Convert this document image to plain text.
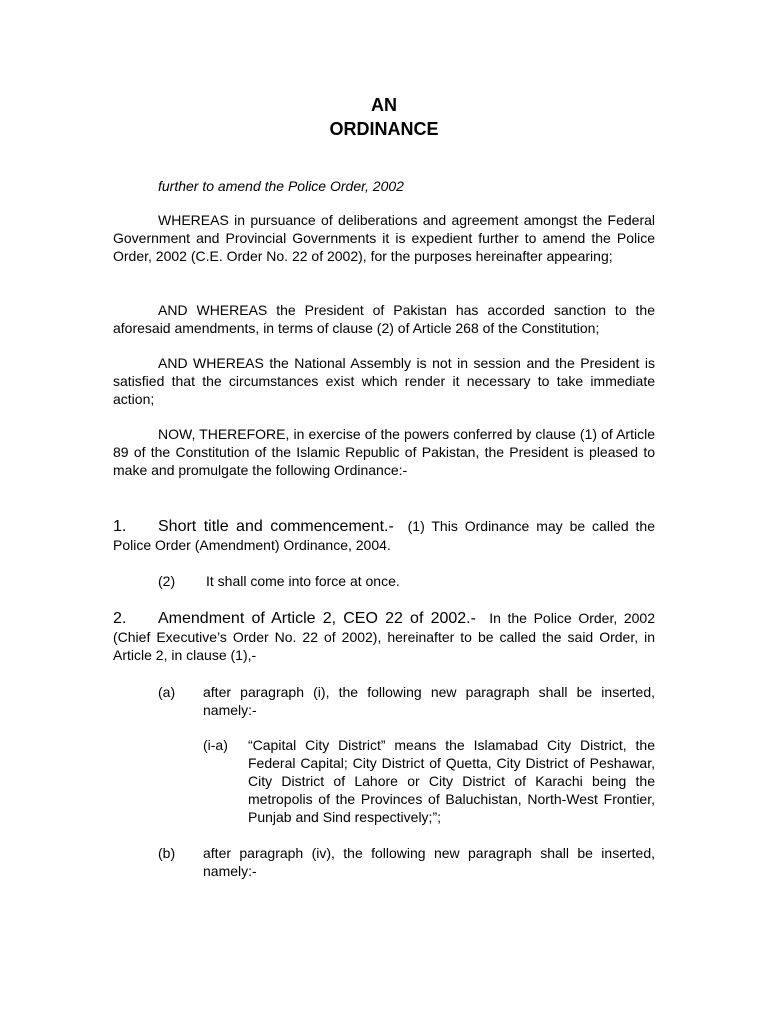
AN
ORDINANCE
further to amend the Police Order, 2002
WHEREAS in pursuance of deliberations and agreement amongst the Federal Government and Provincial Governments it is expedient further to amend the Police Order, 2002 (C.E. Order No. 22 of 2002), for the purposes hereinafter appearing;
AND WHEREAS the President of Pakistan has accorded sanction to the aforesaid amendments, in terms of clause (2) of Article 268 of the Constitution;
AND WHEREAS the National Assembly is not in session and the President is satisfied that the circumstances exist which render it necessary to take immediate action;
NOW, THEREFORE, in exercise of the powers conferred by clause (1) of Article 89 of the Constitution of the Islamic Republic of Pakistan, the President is pleased to make and promulgate the following Ordinance:-
1. Short title and commencement.- (1) This Ordinance may be called the Police Order (Amendment) Ordinance, 2004.
(2)	It shall come into force at once.
2. Amendment of Article 2, CEO 22 of 2002.- In the Police Order, 2002 (Chief Executive’s Order No. 22 of 2002), hereinafter to be called the said Order, in Article 2, in clause (1),-
(a)	after paragraph (i), the following new paragraph shall be inserted, namely:-
(i-a)	“Capital City District” means the Islamabad City District, the Federal Capital; City District of Quetta, City District of Peshawar, City District of Lahore or City District of Karachi being the metropolis of the Provinces of Baluchistan, North-West Frontier, Punjab and Sind respectively;”;
(b)	after paragraph (iv), the following new paragraph shall be inserted, namely:-
